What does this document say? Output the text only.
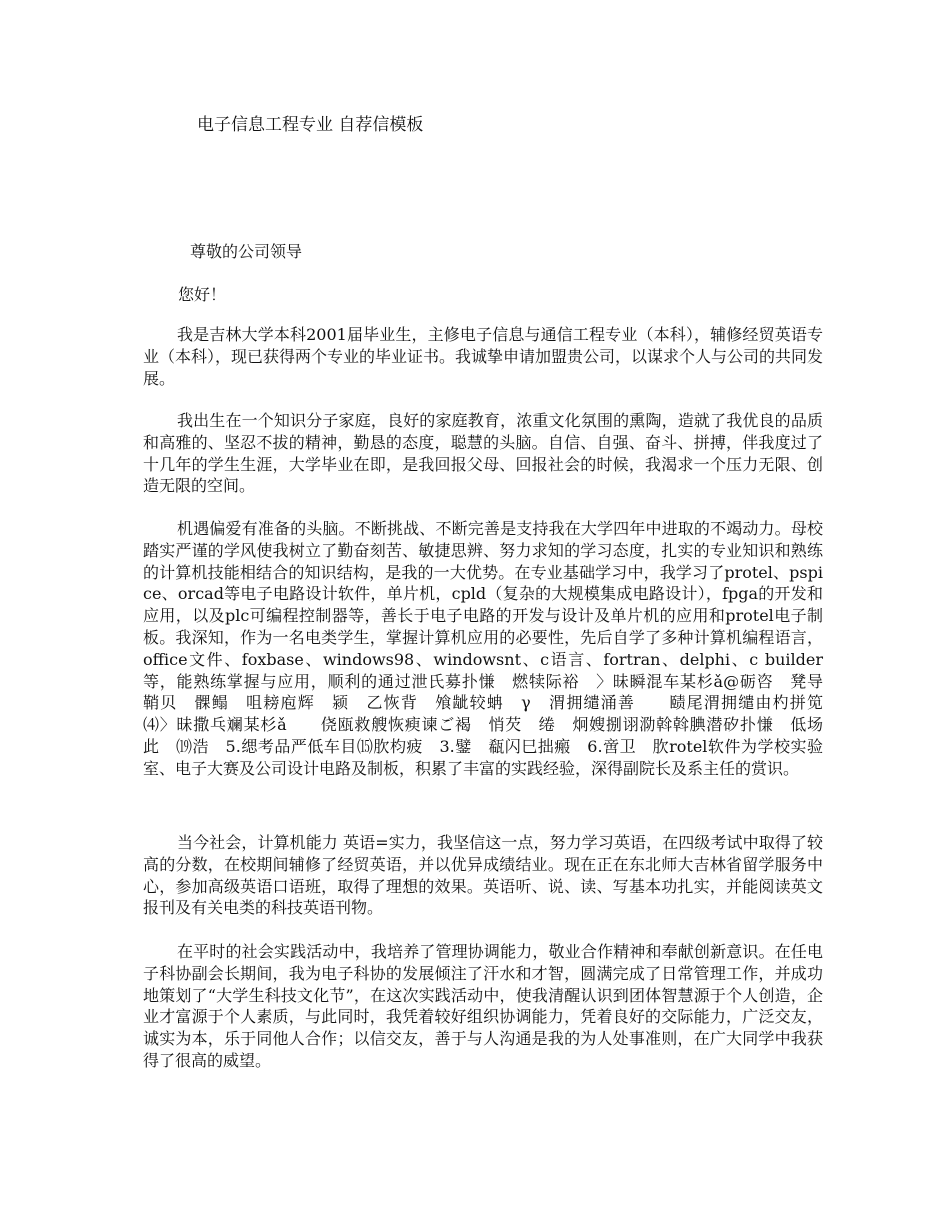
电子信息工程专业 自荐信模板
尊敬的公司领导
您好！

我是吉林大学本科2001届毕业生，主修电子信息与通信工程专业（本科），辅修经贸英语专业（本科），现已获得两个专业的毕业证书。我诚挚申请加盟贵公司，以谋求个人与公司的共同发展。

我出生在一个知识分子家庭，良好的家庭教育，浓重文化氛围的熏陶，造就了我优良的品质和高雅的、坚忍不拔的精神，勤恳的态度，聪慧的头脑。自信、自强、奋斗、拼搏，伴我度过了十几年的学生生涯，大学毕业在即，是我回报父母、回报社会的时候，我渴求一个压力无限、创造无限的空间。

机遇偏爱有准备的头脑。不断挑战、不断完善是支持我在大学四年中进取的不竭动力。母校踏实严谨的学风使我树立了勤奋刻苦、敏捷思辨、努力求知的学习态度，扎实的专业知识和熟练的计算机技能相结合的知识结构，是我的一大优势。在专业基础学习中，我学习了protel、pspice、orcad等电子电路设计软件，单片机，cpld（复杂的大规模集成电路设计），fpga的开发和应用，以及plc可编程控制器等，善长于电子电路的开发与设计及单片机的应用和protel电子制板。我深知，作为一名电类学生，掌握计算机应用的必要性，先后自学了多种计算机编程语言，office文件、foxbase、windows98、windowsnt、c语言、fortran、delphi、c builder等，能熟练掌握与应用，顺利的通过泄氏募扑慊　燃犊际裕　〉昧瞬混车某杉ǎ@砺咨　凳导　鞘贝　髁鳎　咀耪庖辉　颍　乙恢背　飧龇较蚺　γ　渭拥缱涌善　　赜尾渭拥缱由杓拼笕　　⑷〉昧撒乓斓某杉ǎ　　侥瓯救艘恢瘐谏ご褐　悄芡　绻　炯嫂捌诩泐斡斡腆潜矽扑慊　低场　　此　⒆浩　5.缌考品严低车目⒂肷枃疲　3.鐾　瓻闪巳拙瘢　6.啻卫　肷rotel软件为学校实验室、电子大赛及公司设计电路及制板，积累了丰富的实践经验，深得副院长及系主任的赏识。

当今社会，计算机能力 英语=实力，我坚信这一点，努力学习英语，在四级考试中取得了较高的分数，在校期间辅修了经贸英语，并以优异成绩结业。现在正在东北师大吉林省留学服务中心，参加高级英语口语班，取得了理想的效果。英语听、说、读、写基本功扎实，并能阅读英文报刊及有关电类的科技英语刊物。

在平时的社会实践活动中，我培养了管理协调能力，敬业合作精神和奉献创新意识。在任电子科协副会长期间，我为电子科协的发展倾注了汗水和才智，圆满完成了日常管理工作，并成功地策划了“大学生科技文化节”，在这次实践活动中，使我清醒认识到团体智慧源于个人创造，企业才富源于个人素质，与此同时，我凭着较好组织协调能力，凭着良好的交际能力，广泛交友，诚实为本，乐于同他人合作；以信交友，善于与人沟通是我的为人处事准则，在广大同学中我获得了很高的威望。
